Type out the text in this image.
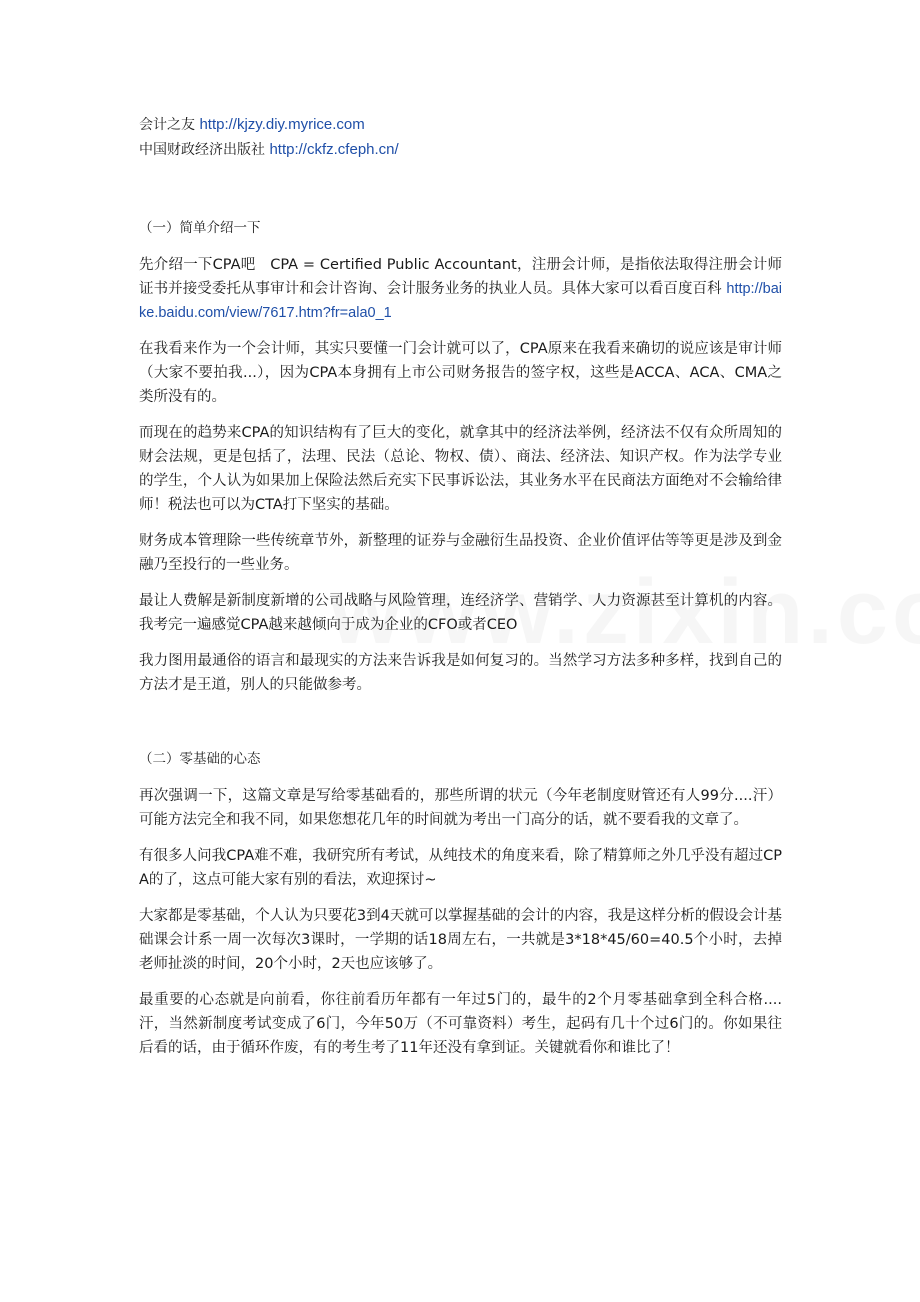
会计之友 http://kjzy.diy.myrice.com

中国财政经济出版社 http://ckfz.cfeph.cn/

（一）简单介绍一下

先介绍一下CPA吧　CPA = Certified Public Accountant，注册会计师，是指依法取得注册会计师证书并接受委托从事审计和会计咨询、会计服务业务的执业人员。具体大家可以看百度百科 http://baike.baidu.com/view/7617.htm?fr=ala0_1

在我看来作为一个会计师，其实只要懂一门会计就可以了，CPA原来在我看来确切的说应该是审计师（大家不要拍我...），因为CPA本身拥有上市公司财务报告的签字权，这些是ACCA、ACA、CMA之类所没有的。

而现在的趋势来CPA的知识结构有了巨大的变化，就拿其中的经济法举例，经济法不仅有众所周知的财会法规，更是包括了，法理、民法（总论、物权、债）、商法、经济法、知识产权。作为法学专业的学生，个人认为如果加上保险法然后充实下民事诉讼法，其业务水平在民商法方面绝对不会输给律师！税法也可以为CTA打下坚实的基础。

财务成本管理除一些传统章节外，新整理的证券与金融衍生品投资、企业价值评估等等更是涉及到金融乃至投行的一些业务。

最让人费解是新制度新增的公司战略与风险管理，连经济学、营销学、人力资源甚至计算机的内容。我考完一遍感觉CPA越来越倾向于成为企业的CFO或者CEO

我力图用最通俗的语言和最现实的方法来告诉我是如何复习的。当然学习方法多种多样，找到自己的方法才是王道，别人的只能做参考。

（二）零基础的心态

再次强调一下，这篇文章是写给零基础看的，那些所谓的状元（今年老制度财管还有人99分....汗）可能方法完全和我不同，如果您想花几年的时间就为考出一门高分的话，就不要看我的文章了。

有很多人问我CPA难不难，我研究所有考试，从纯技术的角度来看，除了精算师之外几乎没有超过CPA的了，这点可能大家有别的看法，欢迎探讨~

大家都是零基础，个人认为只要花3到4天就可以掌握基础的会计的内容，我是这样分析的假设会计基础课会计系一周一次每次3课时，一学期的话18周左右，一共就是3*18*45/60=40.5个小时，去掉老师扯淡的时间，20个小时，2天也应该够了。

最重要的心态就是向前看，你往前看历年都有一年过5门的，最牛的2个月零基础拿到全科合格....汗，当然新制度考试变成了6门，今年50万（不可靠资料）考生，起码有几十个过6门的。你如果往后看的话，由于循环作废，有的考生考了11年还没有拿到证。关键就看你和谁比了！
